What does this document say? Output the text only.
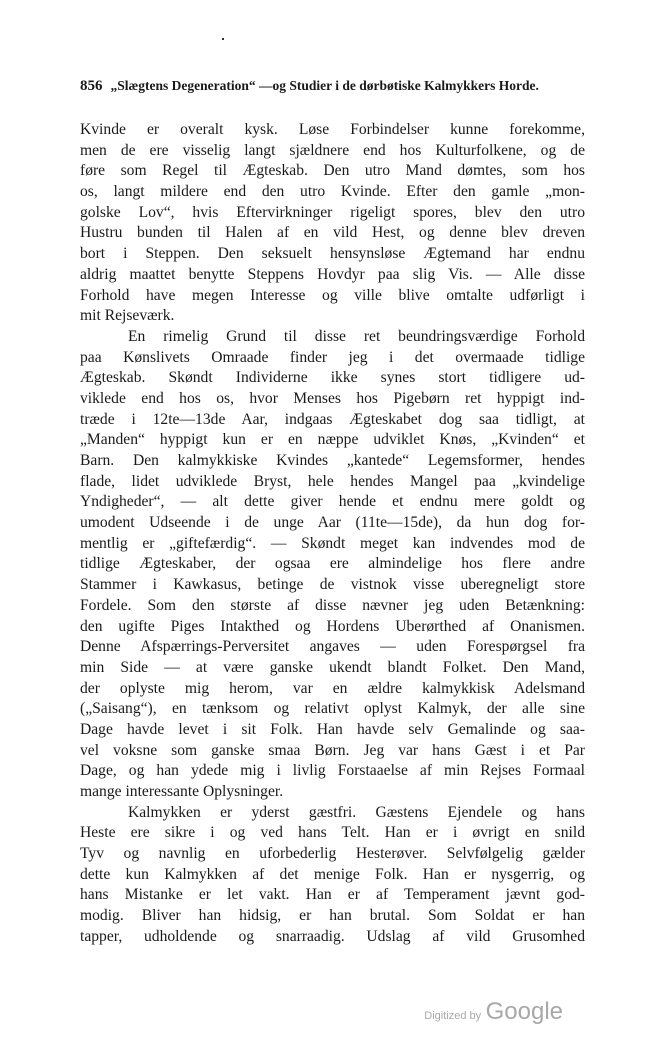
856 „Slægtens Degeneration“ —og Studier i de dørbøtiske Kalmykkers Horde.
Kvinde er overalt kysk. Løse Forbindelser kunne forekomme,
men de ere visselig langt sjældnere end hos Kulturfolkene, og de
føre som Regel til Ægteskab. Den utro Mand dømtes, som hos
os, langt mildere end den utro Kvinde. Efter den gamle „mon-
golske Lov“, hvis Eftervirkninger rigeligt spores, blev den utro
Hustru bunden til Halen af en vild Hest, og denne blev dreven
bort i Steppen. Den seksuelt hensynsløse Ægtemand har endnu
aldrig maattet benytte Steppens Hovdyr paa slig Vis. — Alle disse
Forhold have megen Interesse og ville blive omtalte udførligt i
mit Rejseværk.
En rimelig Grund til disse ret beundringsværdige Forhold
paa Kønslivets Omraade finder jeg i det overmaade tidlige
Ægteskab. Skøndt Individerne ikke synes stort tidligere ud-
viklede end hos os, hvor Menses hos Pigebørn ret hyppigt ind-
træde i 12te—13de Aar, indgaas Ægteskabet dog saa tidligt, at
„Manden“ hyppigt kun er en næppe udviklet Knøs, „Kvinden“ et
Barn. Den kalmykkiske Kvindes „kantede“ Legemsformer, hendes
flade, lidet udviklede Bryst, hele hendes Mangel paa „kvindelige
Yndigheder“, — alt dette giver hende et endnu mere goldt og
umodent Udseende i de unge Aar (11te—15de), da hun dog for-
mentlig er „giftefærdig“. — Skøndt meget kan indvendes mod de
tidlige Ægteskaber, der ogsaa ere almindelige hos flere andre
Stammer i Kawkasus, betinge de vistnok visse uberegneligt store
Fordele. Som den største af disse nævner jeg uden Betænkning:
den ugifte Piges Intakthed og Hordens Uberørthed af Onanismen.
Denne Afspærrings-Perversitet angaves — uden Forespørgsel fra
min Side — at være ganske ukendt blandt Folket. Den Mand,
der oplyste mig herom, var en ældre kalmykkisk Adelsmand
(„Saisang“), en tænksom og relativt oplyst Kalmyk, der alle sine
Dage havde levet i sit Folk. Han havde selv Gemalinde og saa-
vel voksne som ganske smaa Børn. Jeg var hans Gæst i et Par
Dage, og han ydede mig i livlig Forstaaelse af min Rejses Formaal
mange interessante Oplysninger.
Kalmykken er yderst gæstfri. Gæstens Ejendele og hans
Heste ere sikre i og ved hans Telt. Han er i øvrigt en snild
Tyv og navnlig en uforbederlig Hesterøver. Selvfølgelig gælder
dette kun Kalmykken af det menige Folk. Han er nysgerrig, og
hans Mistanke er let vakt. Han er af Temperament jævnt god-
modig. Bliver han hidsig, er han brutal. Som Soldat er han
tapper, udholdende og snarraadig. Udslag af vild Grusomhed
Digitized by Google
